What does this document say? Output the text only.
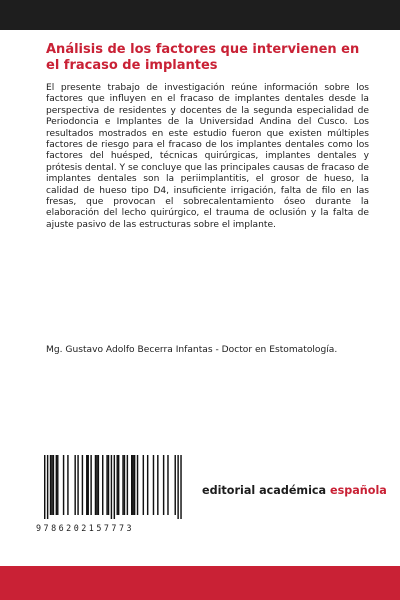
Análisis de los factores que intervienen en el fracaso de implantes
El presente trabajo de investigación reúne información sobre los factores que influyen en el fracaso de implantes dentales desde la perspectiva de residentes y docentes de la segunda especialidad de Periodoncia e Implantes de la Universidad Andina del Cusco. Los resultados mostrados en este estudio fueron que existen múltiples factores de riesgo para el fracaso de los implantes dentales como los factores del huésped, técnicas quirúrgicas, implantes dentales y prótesis dental. Y se concluye que las principales causas de fracaso de implantes dentales son la periimplantitis, el grosor de hueso, la calidad de hueso tipo D4, insuficiente irrigación, falta de filo en las fresas, que provocan el sobrecalentamiento óseo durante la elaboración del lecho quirúrgico, el trauma de oclusión y la falta de ajuste pasivo de las estructuras sobre el implante.
Mg. Gustavo Adolfo Becerra Infantas - Doctor en Estomatología.
9786202157773
editorial académica española
